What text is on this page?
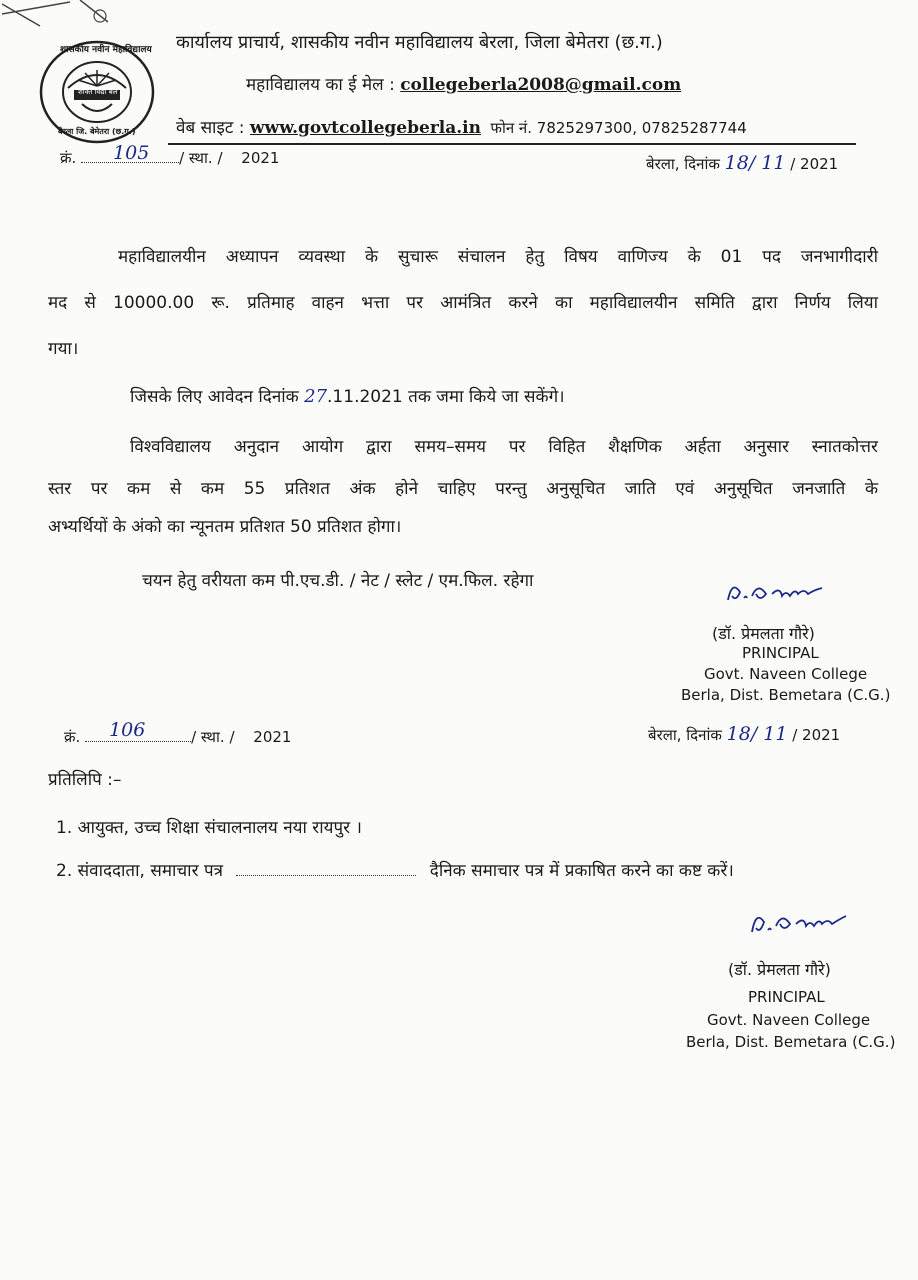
शासकीय नवीन महाविद्यालय
शक्ति विद्या बल
बेरला जि. बेमेतरा (छ.ग.)
कार्यालय प्राचार्य, शासकीय नवीन महाविद्यालय बेरला, जिला बेमेतरा (छ.ग.)
महाविद्यालय का ई मेल : collegeberla2008@gmail.com
वेब साइट : www.govtcollegeberla.in फोन नं. 7825297300, 07825287744
क्रं. 105 / स्था. / 2021	बेरला, दिनांक 18/ 11 / 2021
महाविद्यालयीन अध्यापन व्यवस्था के सुचारू संचालन हेतु विषय वाणिज्य के 01 पद जनभागीदारी
मद से 10000.00 रू. प्रतिमाह वाहन भत्ता पर आमंत्रित करने का महाविद्यालयीन समिति द्वारा निर्णय लिया
गया।
जिसके लिए आवेदन दिनांक 27.11.2021 तक जमा किये जा सकेंगे।
विश्वविद्यालय अनुदान आयोग द्वारा समय–समय पर विहित शैक्षणिक अर्हता अनुसार स्नातकोत्तर
स्तर पर कम से कम 55 प्रतिशत अंक होने चाहिए परन्तु अनुसूचित जाति एवं अनुसूचित जनजाति के
अभ्यर्थियों के अंको का न्यूनतम प्रतिशत 50 प्रतिशत होगा।
चयन हेतु वरीयता कम पी.एच.डी. / नेट / स्लेट / एम.फिल. रहेगा
(डॉ. प्रेमलता गौरे)
PRINCIPAL
Govt. Naveen College
Berla, Dist. Bemetara (C.G.)
क्रं. 106	/ स्था. / 2021	बेरला, दिनांक 18/ 11 / 2021
प्रतिलिपि :–
1. आयुक्त, उच्च शिक्षा संचालनालय नया रायपुर ।
2. संवाददाता, समाचार पत्र	दैनिक समाचार पत्र में प्रकाषित करने का कष्ट करें।
(डॉ. प्रेमलता गौरे)
PRINCIPAL
Govt. Naveen College
Berla, Dist. Bemetara (C.G.)
